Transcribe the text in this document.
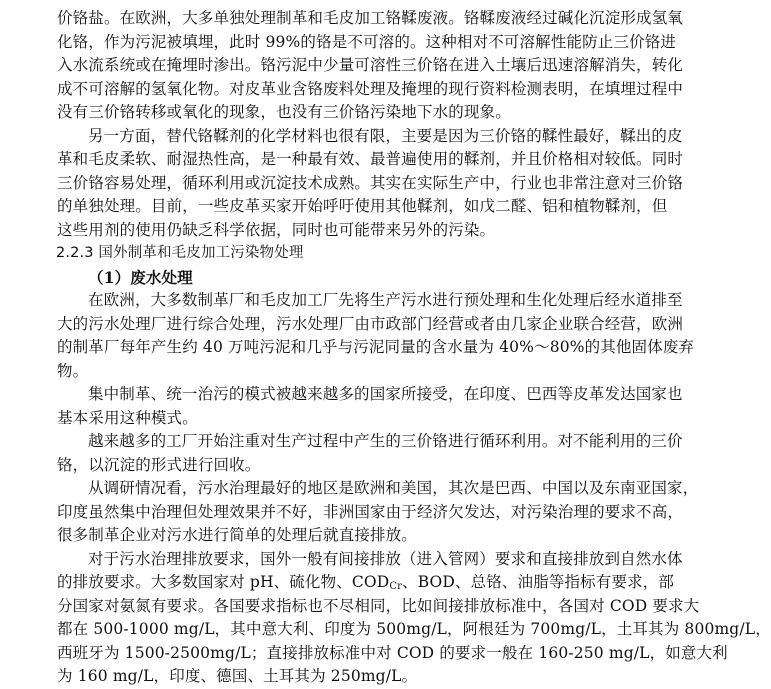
价铬盐。在欧洲，大多单独处理制革和毛皮加工铬鞣废液。铬鞣废液经过碱化沉淀形成氢氧
化铬，作为污泥被填埋，此时 99%的铬是不可溶的。这种相对不可溶解性能防止三价铬进
入水流系统或在掩埋时渗出。铬污泥中少量可溶性三价铬在进入土壤后迅速溶解消失，转化
成不可溶解的氢氧化物。对皮革业含铬废料处理及掩埋的现行资料检测表明，在填埋过程中
没有三价铬转移或氧化的现象，也没有三价铬污染地下水的现象。
另一方面，替代铬鞣剂的化学材料也很有限，主要是因为三价铬的鞣性最好，鞣出的皮
革和毛皮柔软、耐湿热性高，是一种最有效、最普遍使用的鞣剂，并且价格相对较低。同时
三价铬容易处理，循环利用或沉淀技术成熟。其实在实际生产中，行业也非常注意对三价铬
的单独处理。目前，一些皮革买家开始呼吁使用其他鞣剂，如戊二醛、铝和植物鞣剂，但
这些用剂的使用仍缺乏科学依据，同时也可能带来另外的污染。
2.2.3 国外制革和毛皮加工污染物处理
（1）废水处理
在欧洲，大多数制革厂和毛皮加工厂先将生产污水进行预处理和生化处理后经水道排至
大的污水处理厂进行综合处理，污水处理厂由市政部门经营或者由几家企业联合经营，欧洲
的制革厂每年产生约 40 万吨污泥和几乎与污泥同量的含水量为 40%～80%的其他固体废弃
物。
集中制革、统一治污的模式被越来越多的国家所接受，在印度、巴西等皮革发达国家也
基本采用这种模式。
越来越多的工厂开始注重对生产过程中产生的三价铬进行循环利用。对不能利用的三价
铬，以沉淀的形式进行回收。
从调研情况看，污水治理最好的地区是欧洲和美国，其次是巴西、中国以及东南亚国家，
印度虽然集中治理但处理效果并不好，非洲国家由于经济欠发达，对污染治理的要求不高，
很多制革企业对污水进行简单的处理后就直接排放。
对于污水治理排放要求，国外一般有间接排放（进入管网）要求和直接排放到自然水体
的排放要求。大多数国家对 pH、硫化物、$COD_{Cr}$、BOD、总铬、油脂等指标有要求，部
分国家对氨氮有要求。各国要求指标也不尽相同，比如间接排放标准中，各国对 COD 要求大
都在 500-1000 mg/L，其中意大利、印度为 500mg/L，阿根廷为 700mg/L，土耳其为 800mg/L，
西班牙为 1500-2500mg/L；直接排放标准中对 COD 的要求一般在 160-250 mg/L，如意大利
为 160 mg/L，印度、德国、土耳其为 250mg/L。
